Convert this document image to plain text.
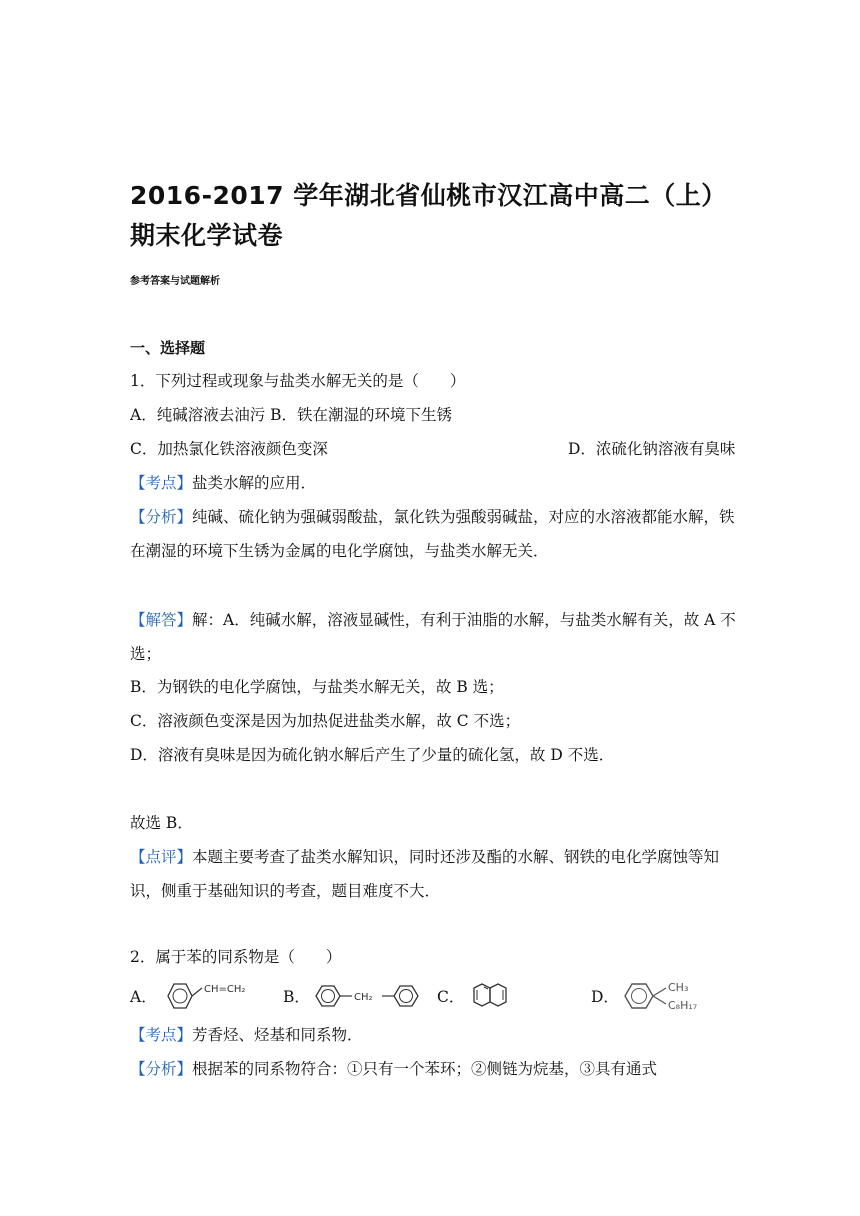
2016-2017 学年湖北省仙桃市汉江高中高二（上）期末化学试卷
参考答案与试题解析
一、选择题
1．下列过程或现象与盐类水解无关的是（　　）
A．纯碱溶液去油污 B．铁在潮湿的环境下生锈
C．加热氯化铁溶液颜色变深	D．浓硫化钠溶液有臭味
【考点】盐类水解的应用．
【分析】纯碱、硫化钠为强碱弱酸盐，氯化铁为强酸弱碱盐，对应的水溶液都能水解，铁在潮湿的环境下生锈为金属的电化学腐蚀，与盐类水解无关．
【解答】解：A．纯碱水解，溶液显碱性，有利于油脂的水解，与盐类水解有关，故 A 不选；
B．为钢铁的电化学腐蚀，与盐类水解无关，故 B 选；
C．溶液颜色变深是因为加热促进盐类水解，故 C 不选；
D．溶液有臭味是因为硫化钠水解后产生了少量的硫化氢，故 D 不选．
故选 B．
【点评】本题主要考查了盐类水解知识，同时还涉及酯的水解、钢铁的电化学腐蚀等知识，侧重于基础知识的考查，题目难度不大．
2．属于苯的同系物是（　　）
A．	CH=CH₂ B．	CH₂	C．	D．
CH₃
C₈H₁₇
【考点】芳香烃、烃基和同系物．
【分析】根据苯的同系物符合：①只有一个苯环；②侧链为烷基，③具有通式
